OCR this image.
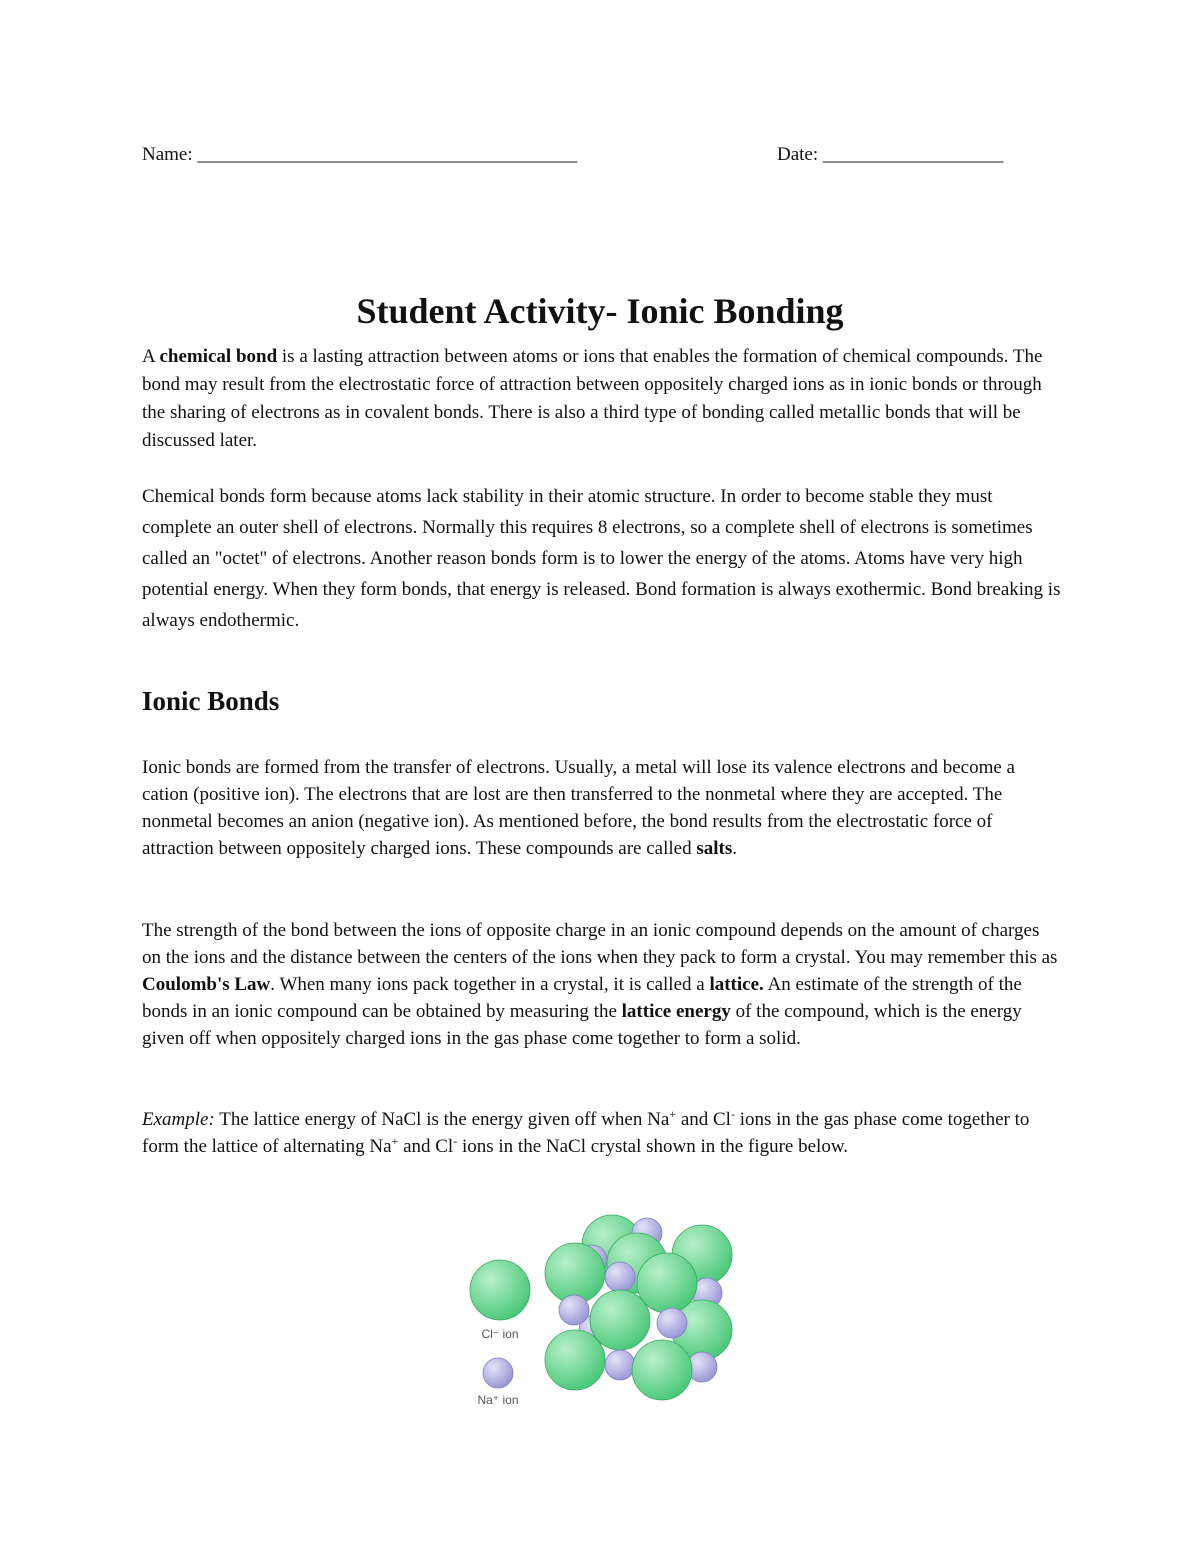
Name: ________________________________________	Date: ___________________
Student Activity- Ionic Bonding

A chemical bond is a lasting attraction between atoms or ions that enables the formation of chemical compounds. The bond may result from the electrostatic force of attraction between oppositely charged ions as in ionic bonds or through the sharing of electrons as in covalent bonds. There is also a third type of bonding called metallic bonds that will be discussed later.

Chemical bonds form because atoms lack stability in their atomic structure. In order to become stable they must complete an outer shell of electrons. Normally this requires 8 electrons, so a complete shell of electrons is sometimes called an "octet" of electrons. Another reason bonds form is to lower the energy of the atoms. Atoms have very high potential energy. When they form bonds, that energy is released. Bond formation is always exothermic. Bond breaking is always endothermic.

Ionic Bonds

Ionic bonds are formed from the transfer of electrons. Usually, a metal will lose its valence electrons and become a cation (positive ion). The electrons that are lost are then transferred to the nonmetal where they are accepted. The nonmetal becomes an anion (negative ion). As mentioned before, the bond results from the electrostatic force of attraction between oppositely charged ions. These compounds are called salts.

The strength of the bond between the ions of opposite charge in an ionic compound depends on the amount of charges on the ions and the distance between the centers of the ions when they pack to form a crystal. You may remember this as Coulomb's Law. When many ions pack together in a crystal, it is called a lattice. An estimate of the strength of the bonds in an ionic compound can be obtained by measuring the lattice energy of the compound, which is the energy given off when oppositely charged ions in the gas phase come together to form a solid.

Example: The lattice energy of NaCl is the energy given off when Na+ and Cl- ions in the gas phase come together to form the lattice of alternating Na+ and Cl- ions in the NaCl crystal shown in the figure below.

Cl⁻ ion
Na⁺ ion
